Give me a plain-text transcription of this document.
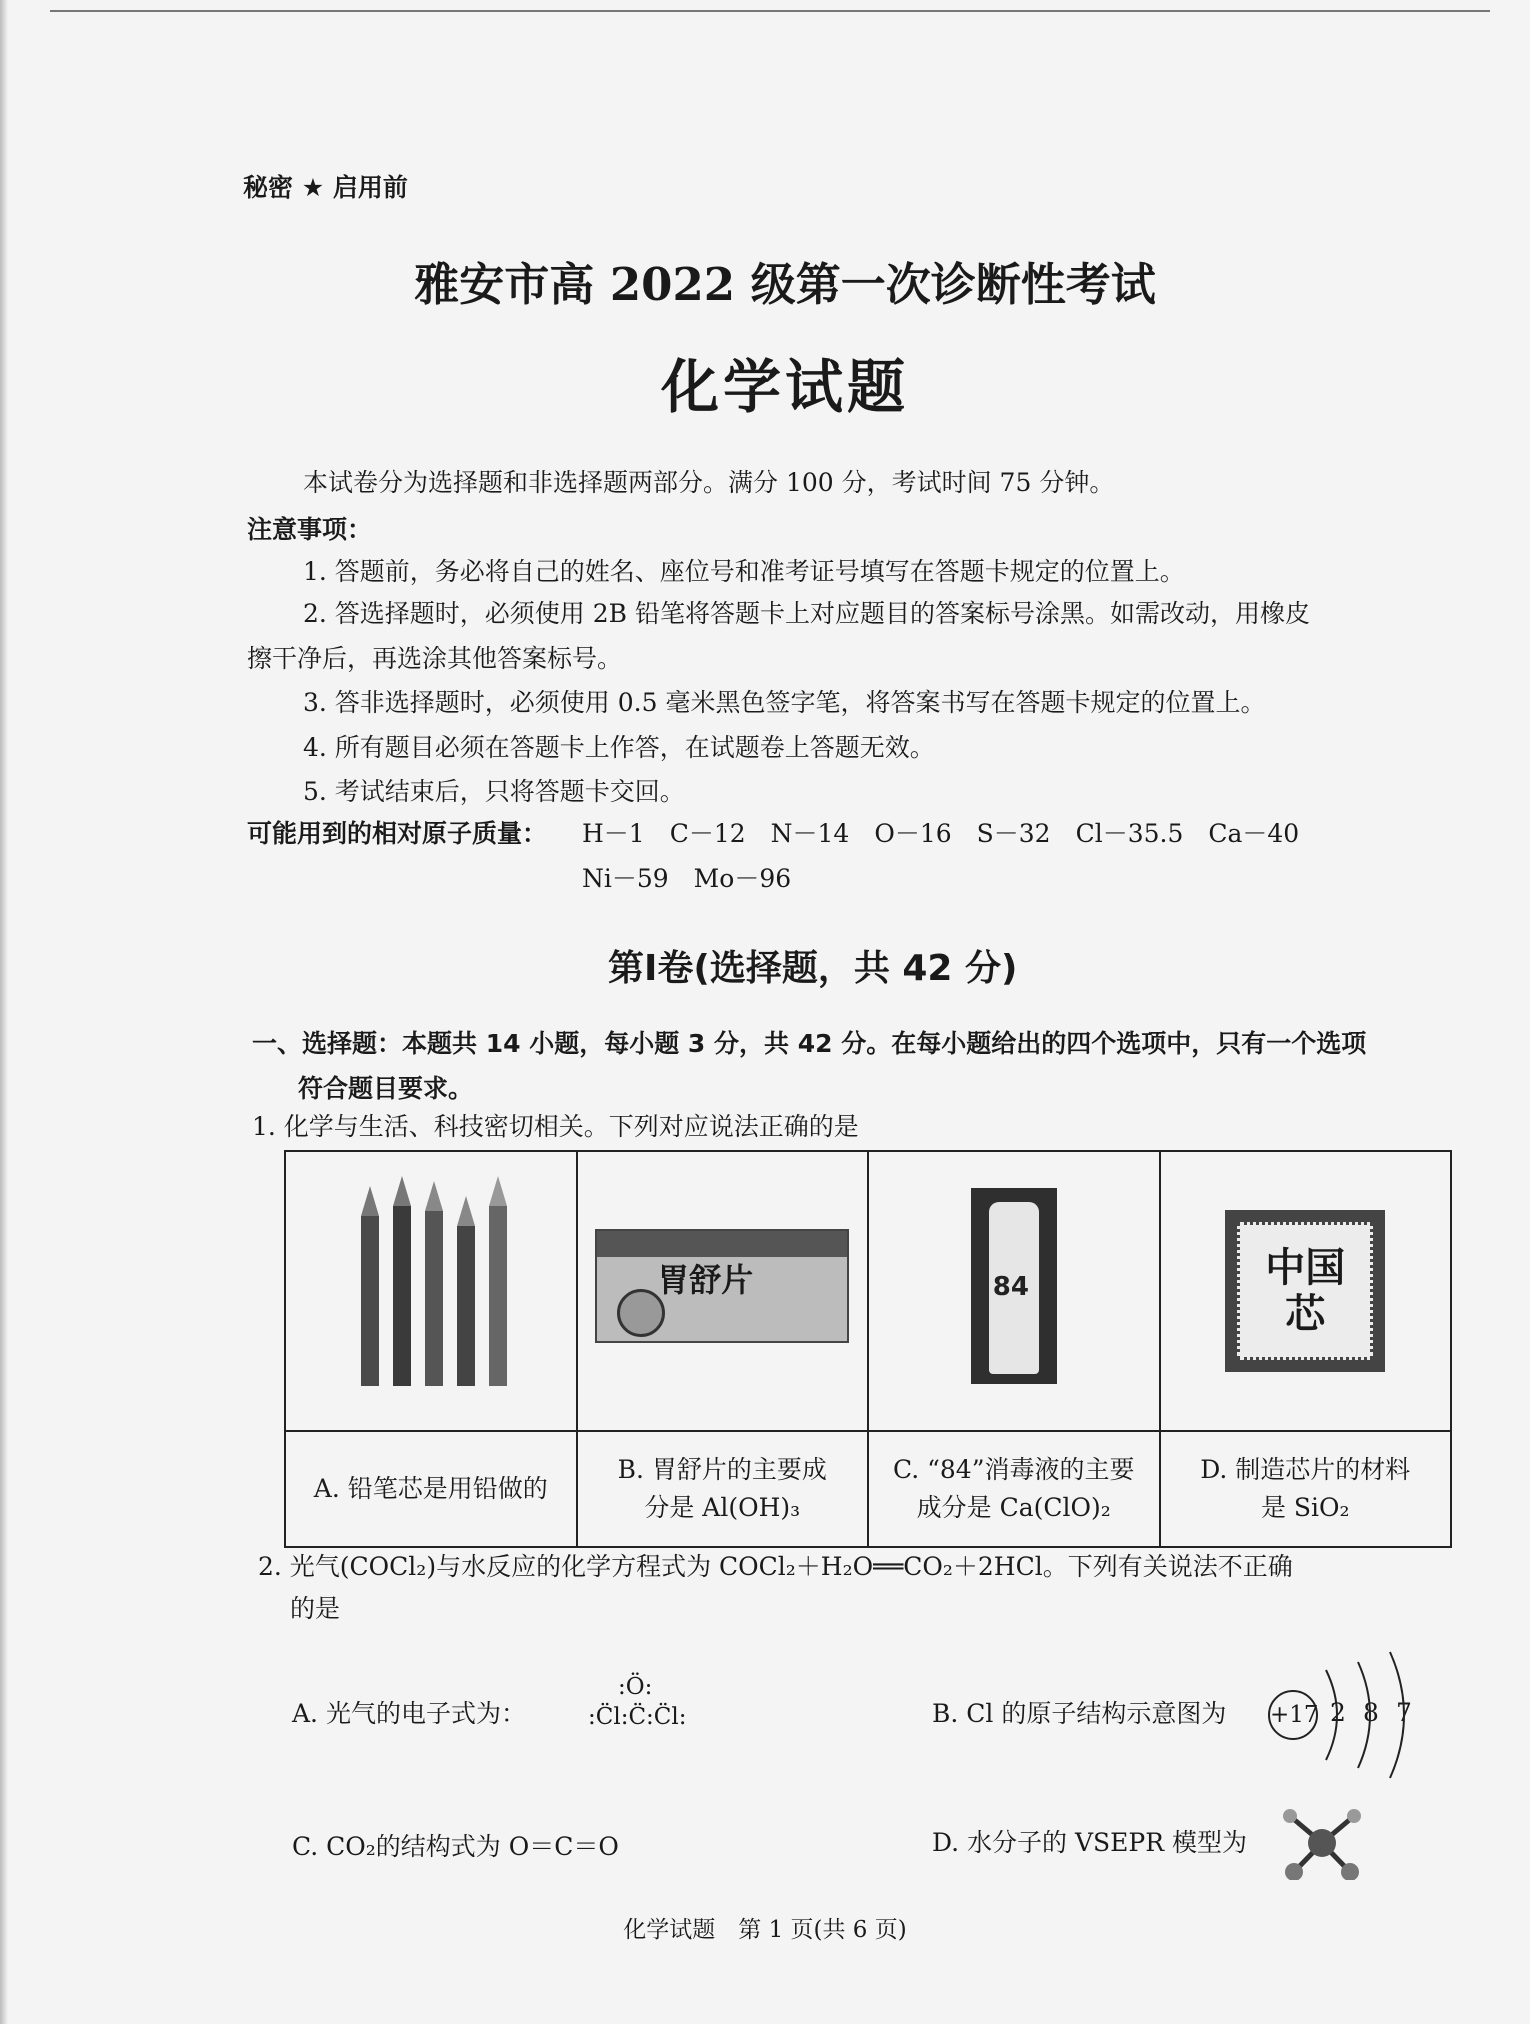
秘密 ★ 启用前
雅安市高 2022 级第一次诊断性考试
化学试题
本试卷分为选择题和非选择题两部分。满分 100 分，考试时间 75 分钟。
注意事项：
1. 答题前，务必将自己的姓名、座位号和准考证号填写在答题卡规定的位置上。
2. 答选择题时，必须使用 2B 铅笔将答题卡上对应题目的答案标号涂黑。如需改动，用橡皮
擦干净后，再选涂其他答案标号。
3. 答非选择题时，必须使用 0.5 毫米黑色签字笔，将答案书写在答题卡规定的位置上。
4. 所有题目必须在答题卡上作答，在试题卷上答题无效。
5. 考试结束后，只将答题卡交回。
可能用到的相对原子质量： H－1　C－12　N－14　O－16　S－32　Cl－35.5　Ca－40
Ni－59　Mo－96
第Ⅰ卷(选择题，共 42 分)
一、选择题：本题共 14 小题，每小题 3 分，共 42 分。在每小题给出的四个选项中，只有一个选项
符合题目要求。
1. 化学与生活、科技密切相关。下列对应说法正确的是

胃舒片	84	中国芯

A. 铅笔芯是用铅做的	B. 胃舒片的主要成
分是 Al(OH)₃	C. “84”消毒液的主要
成分是 Ca(ClO)₂	D. 制造芯片的材料
是 SiO₂
2. 光气(COCl₂)与水反应的化学方程式为 COCl₂＋H₂O══CO₂＋2HCl。下列有关说法不正确
的是
A. 光气的电子式为：
:Ö:
:C̈l:C̈:C̈l:	B. Cl 的原子结构示意图为 +17 2 8 7
C. CO₂的结构式为 O＝C＝O	D. 水分子的 VSEPR 模型为
化学试题　第 1 页(共 6 页)
